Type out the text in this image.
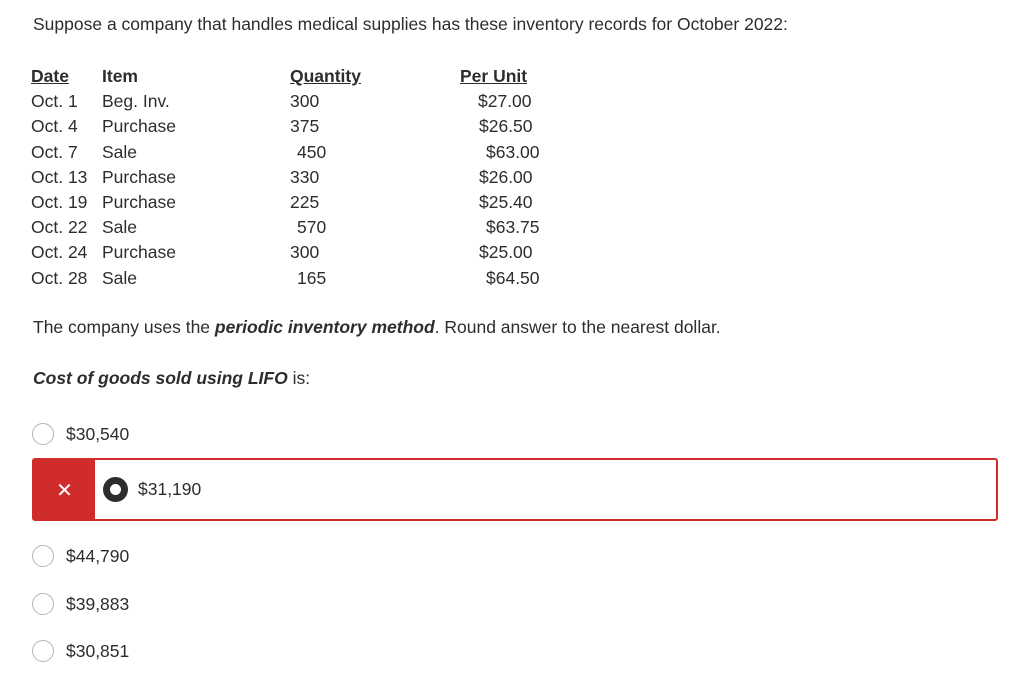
Suppose a company that handles medical supplies has these inventory records for October 2022:
Date	Item	Quantity	Per Unit
Oct. 1	Beg. Inv.	300	$27.00
Oct. 4	Purchase	375	$26.50
Oct. 7	Sale	450	$63.00
Oct. 13	Purchase	330	$26.00
Oct. 19	Purchase	225	$25.40
Oct. 22	Sale	570	$63.75
Oct. 24	Purchase	300	$25.00
Oct. 28	Sale	165	$64.50
The company uses the periodic inventory method. Round answer to the nearest dollar.
Cost of goods sold using LIFO is:
$30,540
✕	$31,190
$44,790
$39,883
$30,851
